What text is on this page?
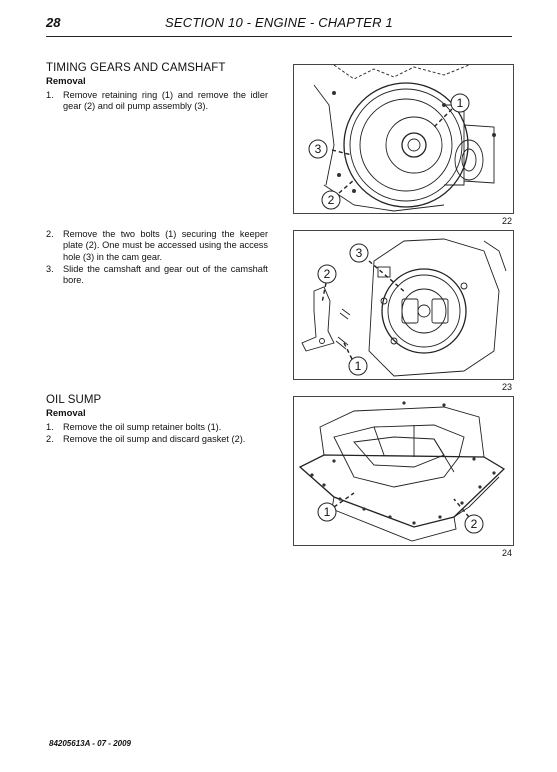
28	SECTION 10 - ENGINE - CHAPTER 1
TIMING GEARS AND CAMSHAFT
Removal
1. Remove retaining ring (1) and remove the idler gear (2) and oil pump assembly (3).
2. Remove the two bolts (1) securing the keeper plate (2). One must be accessed using the access hole (3) in the cam gear.
3. Slide the camshaft and gear out of the camshaft bore.
OIL SUMP
Removal
1. Remove the oil sump retainer bolts (1).
2. Remove the oil sump and discard gasket (2).
1
3
2
22
3
2
1
23
1
2
24
84205613A - 07 - 2009
